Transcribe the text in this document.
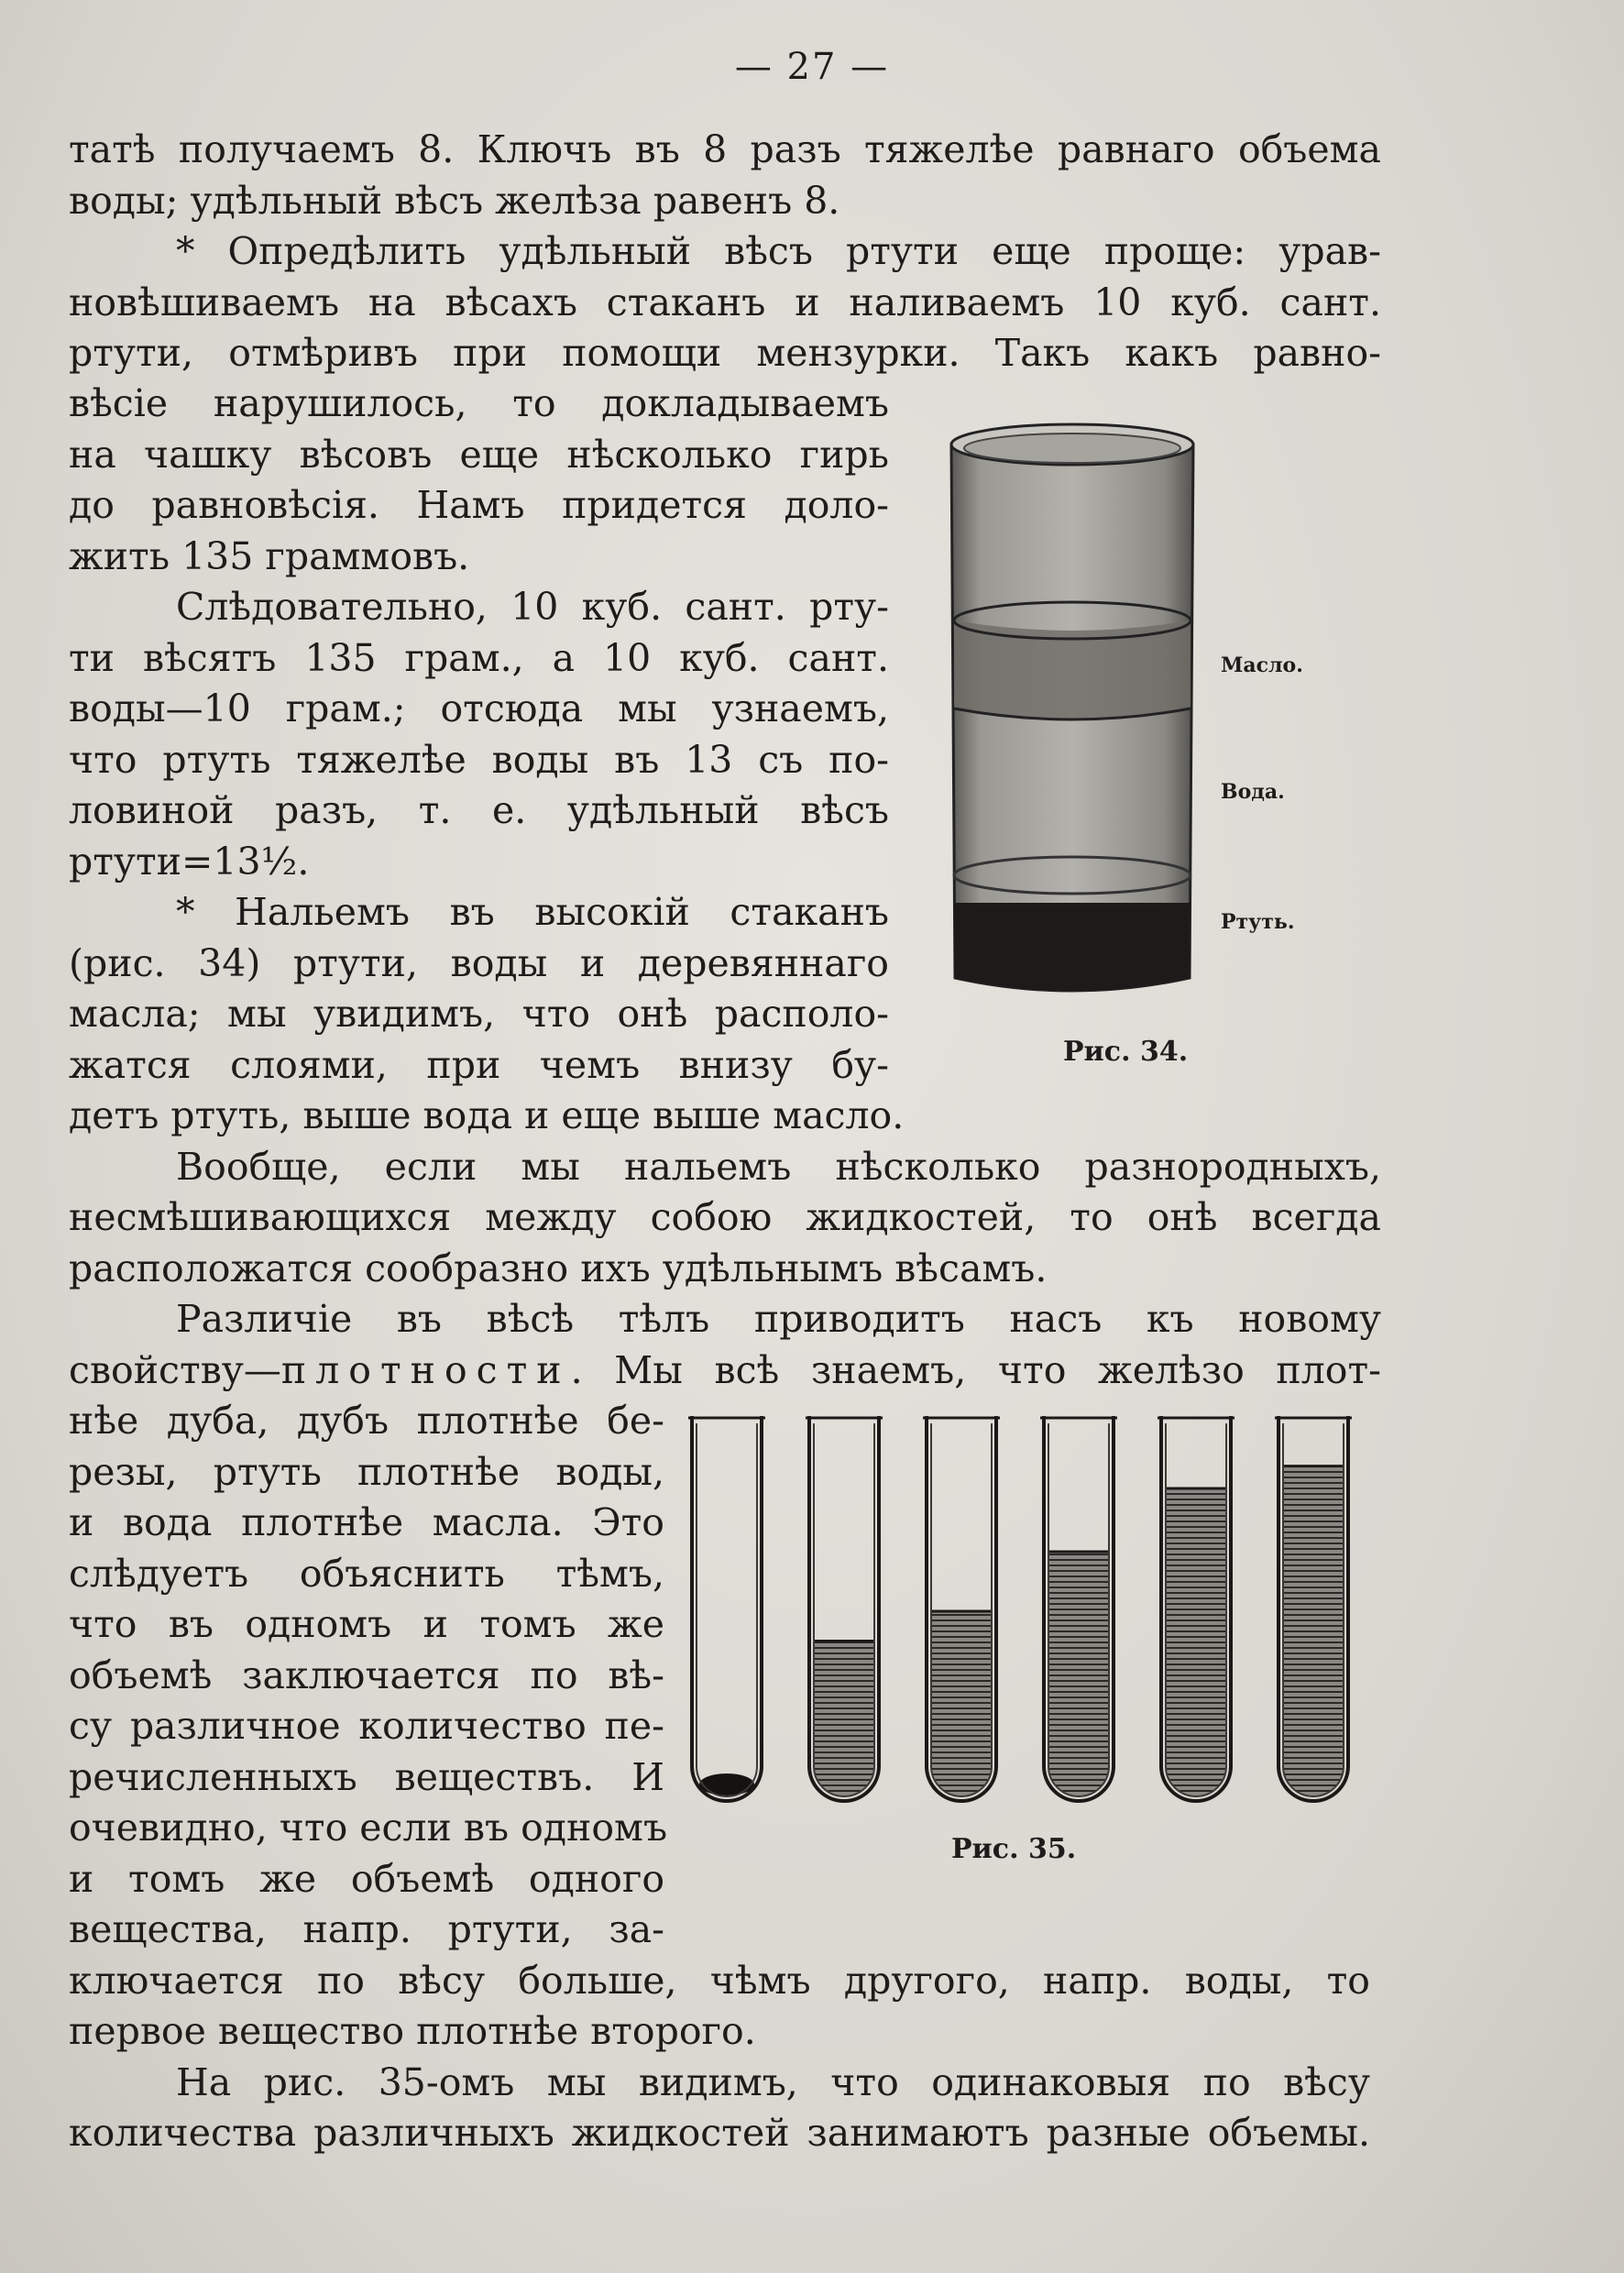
— 27 —
татѣ получаемъ 8. Ключъ въ 8 разъ тяжелѣе равнаго объема
воды; удѣльный вѣсъ желѣза равенъ 8.
* Опредѣлить удѣльный вѣсъ ртути еще проще: урав-
новѣшиваемъ на вѣсахъ стаканъ и наливаемъ 10 куб. сант.
ртути, отмѣривъ при помощи мензурки. Такъ какъ равно-
вѣсіе нарушилось, то докладываемъ
на чашку вѣсовъ еще нѣсколько гирь
до равновѣсія. Намъ придется доло-
жить 135 граммовъ.
Слѣдовательно, 10 куб. сант. рту-
ти вѣсятъ 135 грам., а 10 куб. сант.
воды—10 грам.; отсюда мы узнаемъ,
что ртуть тяжелѣе воды въ 13 съ по-
ловиной разъ, т. е. удѣльный вѣсъ
ртути=13½.
* Нальемъ въ высокій стаканъ
(рис. 34) ртути, воды и деревяннаго
масла; мы увидимъ, что онѣ располо-
жатся слоями, при чемъ внизу бу-
детъ ртуть, выше вода и еще выше масло.
Вообще, если мы нальемъ нѣсколько разнородныхъ,
несмѣшивающихся между собою жидкостей, то онѣ всегда
расположатся сообразно ихъ удѣльнымъ вѣсамъ.
Различіе въ вѣсѣ тѣлъ приводитъ насъ къ новому
свойству— плотности . Мы всѣ знаемъ, что желѣзо плот-
нѣе дуба, дубъ плотнѣе бе-
резы, ртуть плотнѣе воды,
и вода плотнѣе масла. Это
слѣдуетъ объяснить тѣмъ,
что въ одномъ и томъ же
объемѣ заключается по вѣ-
су различное количество пе-
речисленныхъ веществъ. И
очевидно, что если въ одномъ
и томъ же объемѣ одного
вещества, напр. ртути, за-
ключается по вѣсу больше, чѣмъ другого, напр. воды, то
первое вещество плотнѣе второго.
На рис. 35-омъ мы видимъ, что одинаковыя по вѣсу
количества различныхъ жидкостей занимаютъ разные объемы.
Масло.
Вода.
Ртуть.
Рис. 34.
Рис. 35.
